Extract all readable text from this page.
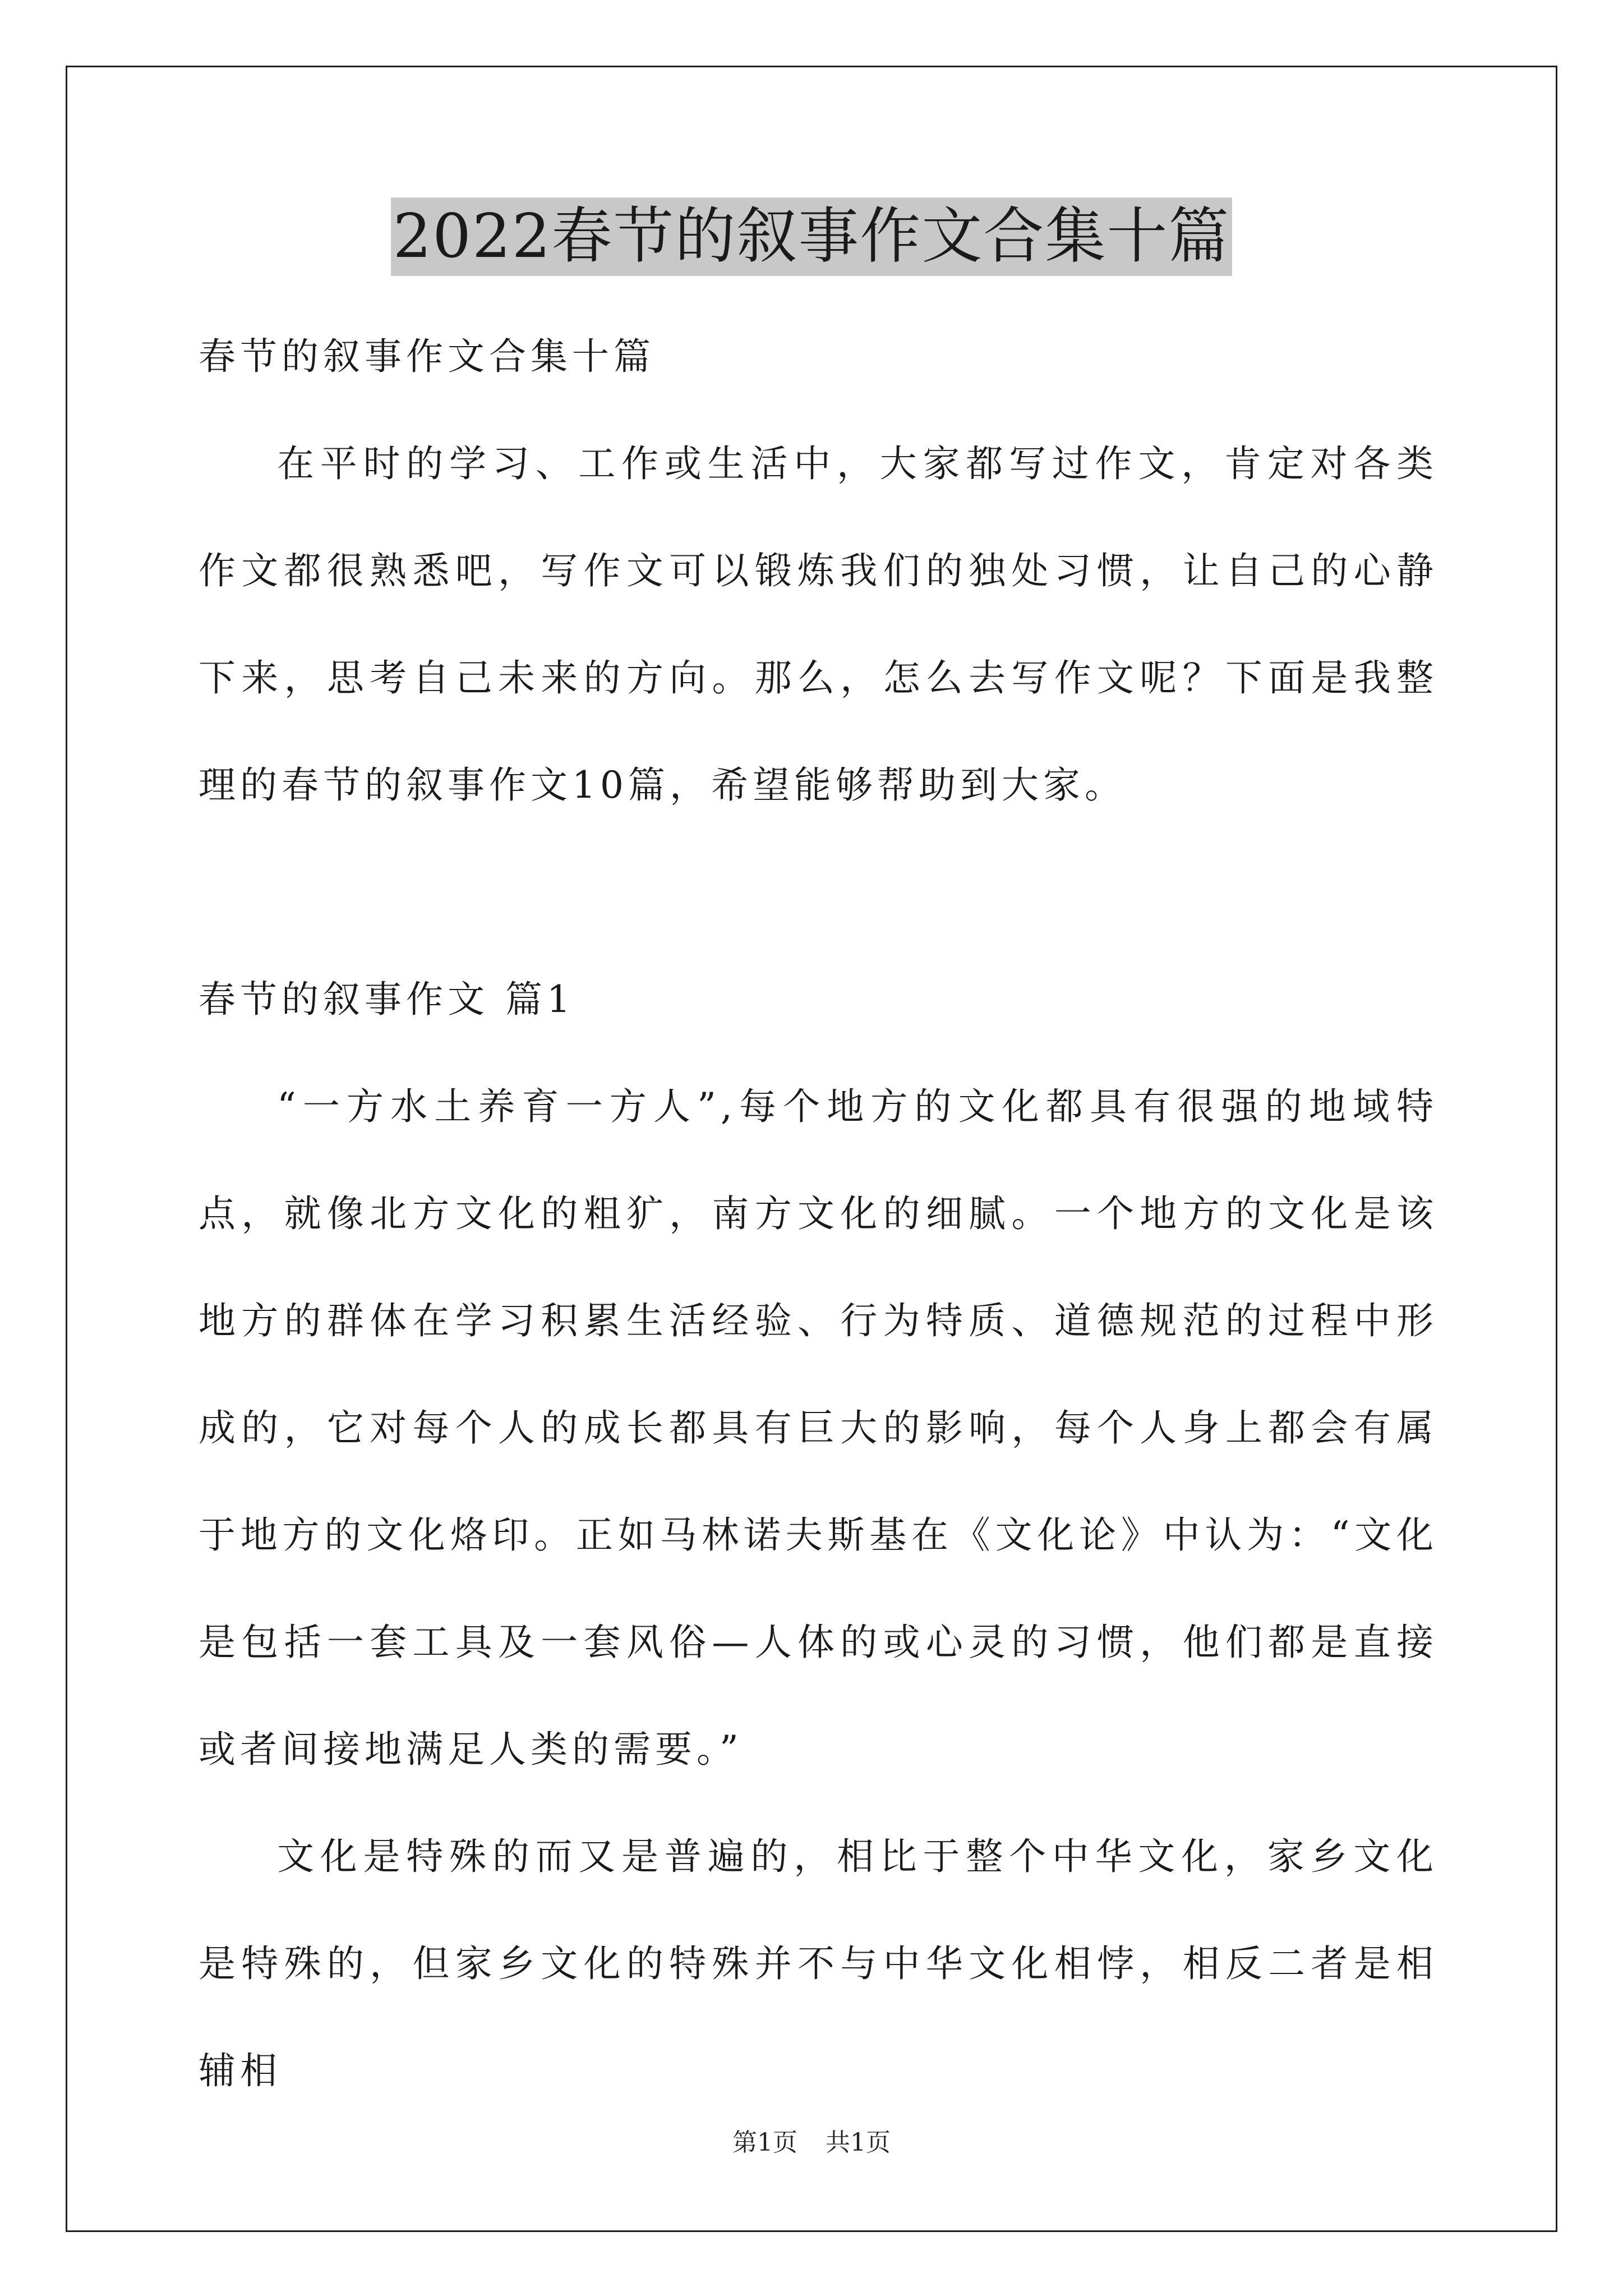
2022春节的叙事作文合集十篇

春节的叙事作文合集十篇

在平时的学习、工作或生活中，大家都写过作文，肯定对各类作文都很熟悉吧，写作文可以锻炼我们的独处习惯，让自己的心静下来，思考自己未来的方向。那么，怎么去写作文呢？下面是我整理的春节的叙事作文10篇，希望能够帮助到大家。

春节的叙事作文 篇1

“一方水土养育一方人”,每个地方的文化都具有很强的地域特点，就像北方文化的粗犷，南方文化的细腻。一个地方的文化是该地方的群体在学习积累生活经验、行为特质、道德规范的过程中形成的，它对每个人的成长都具有巨大的影响，每个人身上都会有属于地方的文化烙印。正如马林诺夫斯基在《文化论》中认为：“文化是包括一套工具及一套风俗—人体的或心灵的习惯，他们都是直接或者间接地满足人类的需要。”

文化是特殊的而又是普遍的，相比于整个中华文化，家乡文化是特殊的，但家乡文化的特殊并不与中华文化相悖，相反二者是相辅相

第1页 共1页
